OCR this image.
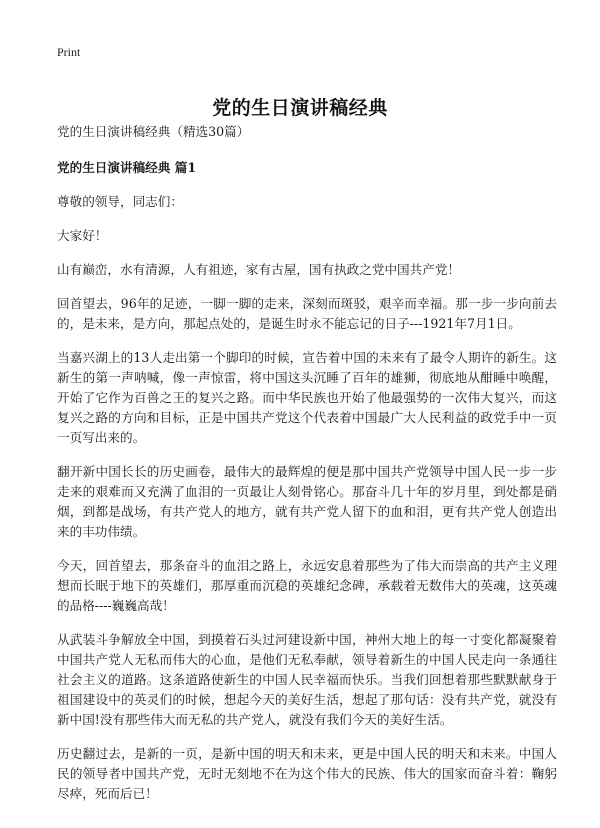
Print
党的生日演讲稿经典

党的生日演讲稿经典（精选30篇）

党的生日演讲稿经典 篇1

尊敬的领导，同志们：

大家好！

山有巅峦，水有清源，人有祖迹，家有古屋，国有执政之党中国共产党！

回首望去，96年的足迹，一脚一脚的走来，深刻而斑驳，艰辛而幸福。那一步一步向前去的，是未来，是方向，那起点处的，是诞生时永不能忘记的日子---1921年7月1日。

当嘉兴湖上的13人走出第一个脚印的时候，宣告着中国的未来有了最令人期许的新生。这新生的第一声呐喊，像一声惊雷，将中国这头沉睡了百年的雄狮，彻底地从酣睡中唤醒，开始了它作为百兽之王的复兴之路。而中华民族也开始了他最强势的一次伟大复兴，而这复兴之路的方向和目标，正是中国共产党这个代表着中国最广大人民利益的政党手中一页一页写出来的。

翻开新中国长长的历史画卷，最伟大的最辉煌的便是那中国共产党领导中国人民一步一步走来的艰难而又充满了血泪的一页最让人刻骨铭心。那奋斗几十年的岁月里，到处都是硝烟，到都是战场，有共产党人的地方，就有共产党人留下的血和泪，更有共产党人创造出来的丰功伟绩。

今天，回首望去，那条奋斗的血泪之路上，永远安息着那些为了伟大而崇高的共产主义理想而长眠于地下的英雄们，那厚重而沉稳的英雄纪念碑，承载着无数伟大的英魂，这英魂的品格----巍巍高哉！

从武装斗争解放全中国，到摸着石头过河建设新中国，神州大地上的每一寸变化都凝聚着中国共产党人无私而伟大的心血，是他们无私奉献，领导着新生的中国人民走向一条通往社会主义的道路。这条道路使新生的中国人民幸福而快乐。当我们回想着那些默默献身于祖国建设中的英灵们的时候，想起今天的美好生活，想起了那句话：没有共产党，就没有新中国!没有那些伟大而无私的共产党人，就没有我们今天的美好生活。

历史翻过去，是新的一页，是新中国的明天和未来，更是中国人民的明天和未来。中国人民的领导者中国共产党，无时无刻地不在为这个伟大的民族、伟大的国家而奋斗着：鞠躬尽瘁，死而后已！
